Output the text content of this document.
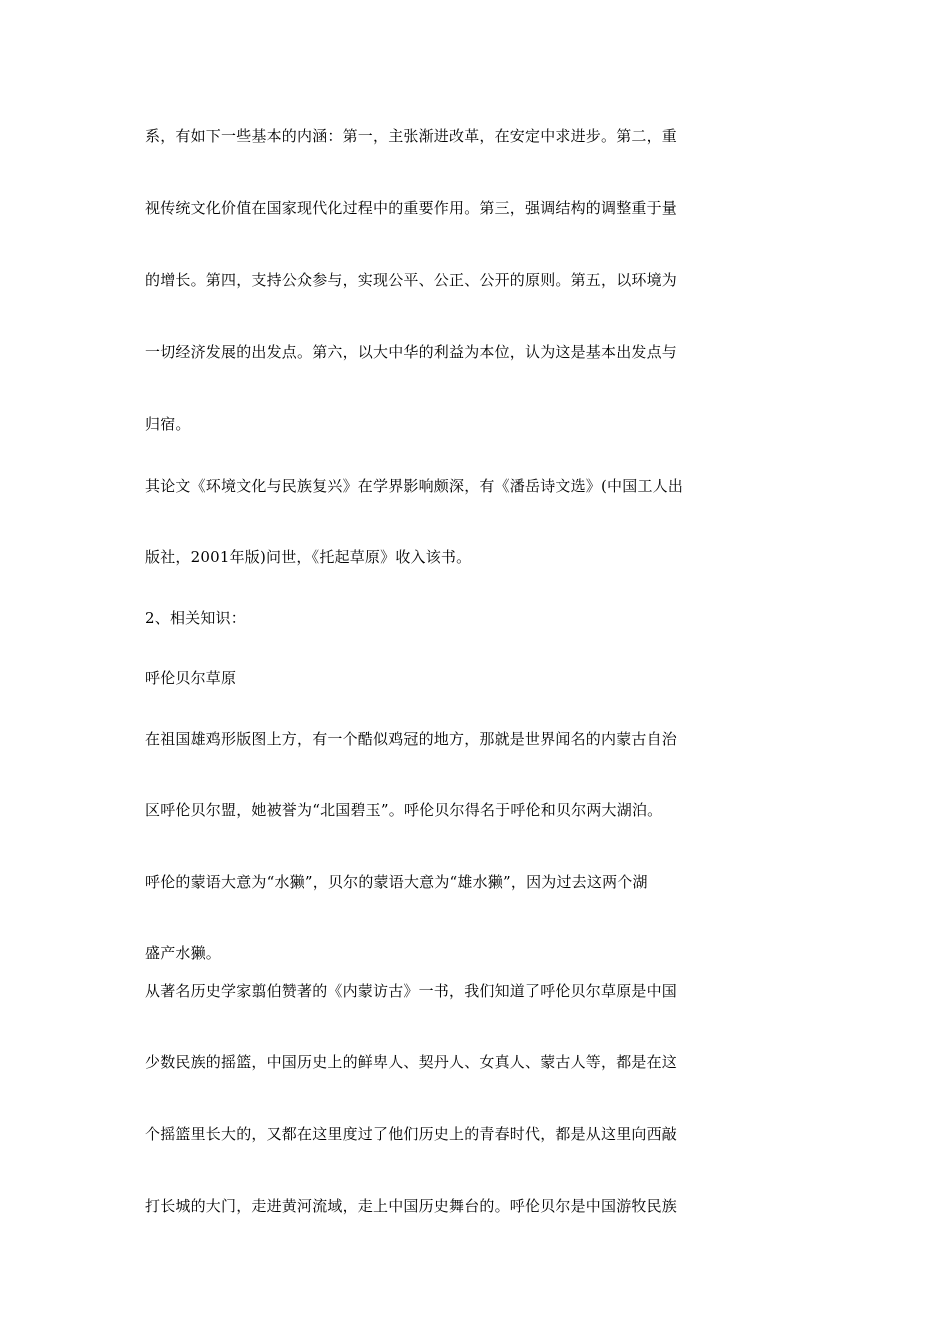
系，有如下一些基本的内涵：第一，主张渐进改革，在安定中求进步。第二，重
视传统文化价值在国家现代化过程中的重要作用。第三，强调结构的调整重于量
的增长。第四，支持公众参与，实现公平、公正、公开的原则。第五，以环境为
一切经济发展的出发点。第六，以大中华的利益为本位，认为这是基本出发点与
归宿。
其论文《环境文化与民族复兴》在学界影响颇深，有《潘岳诗文选》(中国工人出
版社，2001年版)问世，《托起草原》收入该书。
2、相关知识：
呼伦贝尔草原
在祖国雄鸡形版图上方，有一个酷似鸡冠的地方，那就是世界闻名的内蒙古自治
区呼伦贝尔盟，她被誉为“北国碧玉”。呼伦贝尔得名于呼伦和贝尔两大湖泊。
呼伦的蒙语大意为“水獭”，贝尔的蒙语大意为“雄水獭”，因为过去这两个湖
盛产水獭。
从著名历史学家翦伯赞著的《内蒙访古》一书，我们知道了呼伦贝尔草原是中国
少数民族的摇篮，中国历史上的鲜卑人、契丹人、女真人、蒙古人等，都是在这
个摇篮里长大的，又都在这里度过了他们历史上的青春时代，都是从这里向西敲
打长城的大门，走进黄河流域，走上中国历史舞台的。呼伦贝尔是中国游牧民族
